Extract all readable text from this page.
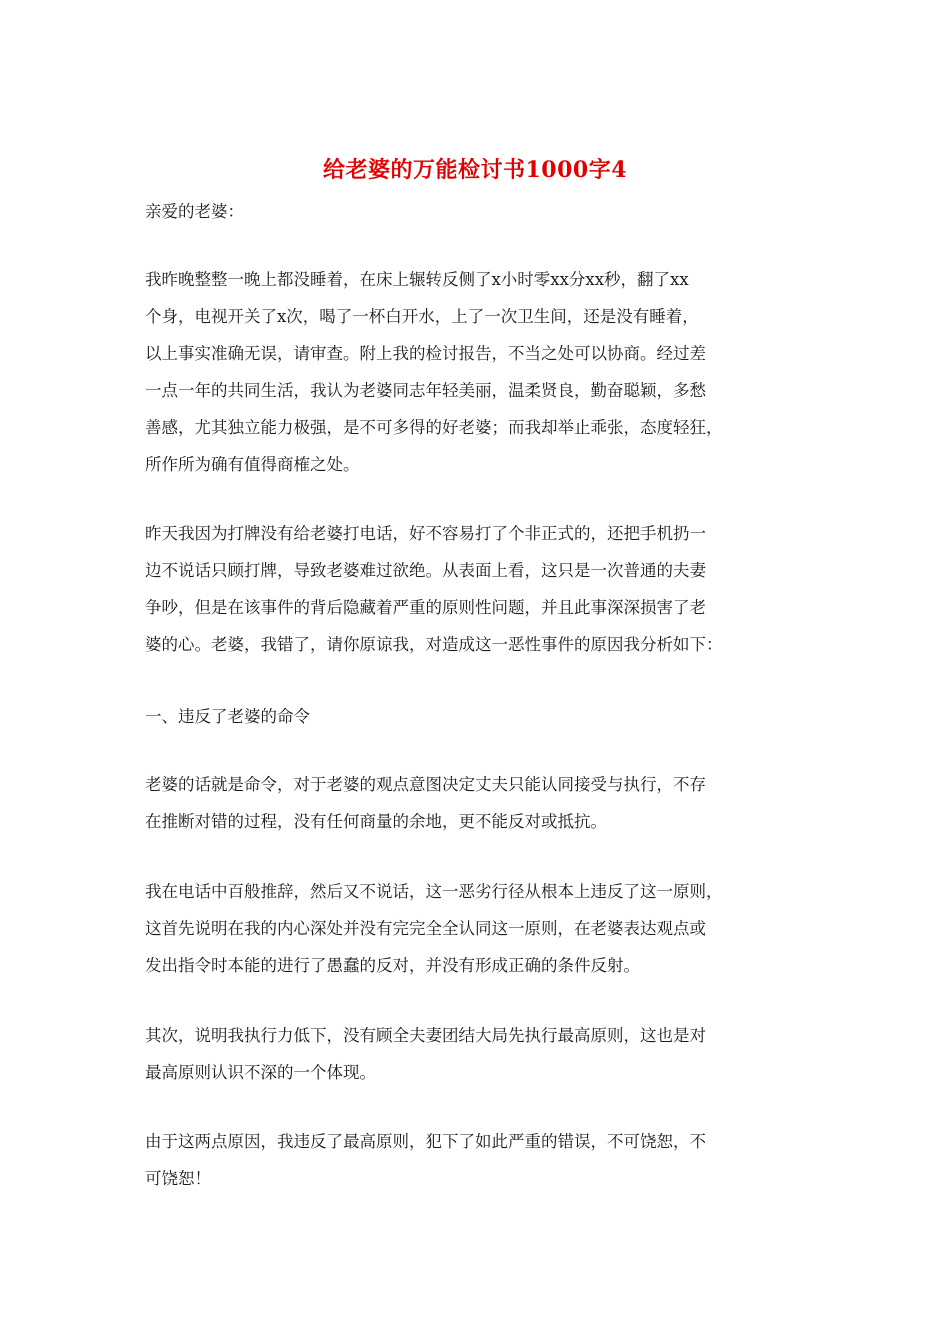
给老婆的万能检讨书1000字4
亲爱的老婆：
我昨晚整整一晚上都没睡着，在床上辗转反侧了x小时零xx分xx秒，翻了xx
个身，电视开关了x次，喝了一杯白开水，上了一次卫生间，还是没有睡着，
以上事实准确无误，请审查。附上我的检讨报告，不当之处可以协商。经过差
一点一年的共同生活，我认为老婆同志年轻美丽，温柔贤良，勤奋聪颖，多愁
善感，尤其独立能力极强，是不可多得的好老婆；而我却举止乖张，态度轻狂，
所作所为确有值得商榷之处。
昨天我因为打牌没有给老婆打电话，好不容易打了个非正式的，还把手机扔一
边不说话只顾打牌，导致老婆难过欲绝。从表面上看，这只是一次普通的夫妻
争吵，但是在该事件的背后隐藏着严重的原则性问题，并且此事深深损害了老
婆的心。老婆，我错了，请你原谅我，对造成这一恶性事件的原因我分析如下：
一、违反了老婆的命令
老婆的话就是命令，对于老婆的观点意图决定丈夫只能认同接受与执行，不存
在推断对错的过程，没有任何商量的余地，更不能反对或抵抗。
我在电话中百般推辞，然后又不说话，这一恶劣行径从根本上违反了这一原则，
这首先说明在我的内心深处并没有完完全全认同这一原则，在老婆表达观点或
发出指令时本能的进行了愚蠢的反对，并没有形成正确的条件反射。
其次，说明我执行力低下，没有顾全夫妻团结大局先执行最高原则，这也是对
最高原则认识不深的一个体现。
由于这两点原因，我违反了最高原则，犯下了如此严重的错误，不可饶恕，不
可饶恕！
